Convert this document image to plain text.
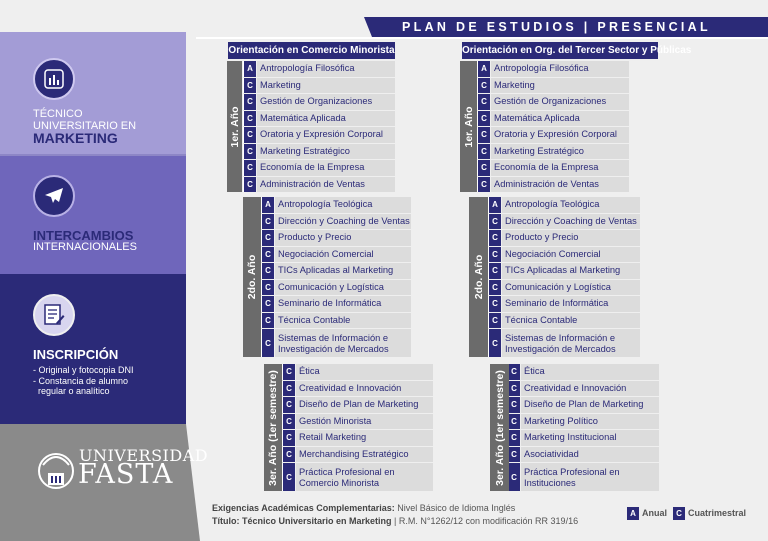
PLAN DE ESTUDIOS | PRESENCIAL
TÉCNICO
UNIVERSITARIO EN
MARKETING
INTERCAMBIOS
INTERNACIONALES
INSCRIPCIÓN
- Original y fotocopia DNI
- Constancia de alumno
regular o analítico
UNIVERSIDAD
FASTA
Orientación en Comercio Minorista
A Antropología Filosófica
C Marketing
C Gestión de Organizaciones
C Matemática Aplicada
C Oratoria y Expresión Corporal
C Marketing Estratégico
C Economía de la Empresa
C Administración de Ventas
1er. Año
A Antropología Teológica
C Dirección y Coaching de Ventas
C Producto y Precio
C Negociación Comercial
C TICs Aplicadas al Marketing
C Comunicación y Logística
C Seminario de Informática
C Técnica Contable
C Sistemas de Información e Investigación de Mercados
2do. Año
C Ética
C Creatividad e Innovación
C Diseño de Plan de Marketing
C Gestión Minorista
C Retail Marketing
C Merchandising Estratégico
C Práctica Profesional en Comercio Minorista
3er. Año (1er semestre)
Orientación en Org. del Tercer Sector y Públicas
A Antropología Filosófica
C Marketing
C Gestión de Organizaciones
C Matemática Aplicada
C Oratoria y Expresión Corporal
C Marketing Estratégico
C Economía de la Empresa
C Administración de Ventas
1er. Año
A Antropología Teológica
C Dirección y Coaching de Ventas
C Producto y Precio
C Negociación Comercial
C TICs Aplicadas al Marketing
C Comunicación y Logística
C Seminario de Informática
C Técnica Contable
C Sistemas de Información e Investigación de Mercados
2do. Año
C Ética
C Creatividad e Innovación
C Diseño de Plan de Marketing
C Marketing Político
C Marketing Institucional
C Asociatividad
C Práctica Profesional en Instituciones
3er. Año (1er semestre)
Exigencias Académicas Complementarias: Nivel Básico de Idioma Inglés
Título: Técnico Universitario en Marketing | R.M. N°1262/12 con modificación RR 319/16
A Anual	C Cuatrimestral
